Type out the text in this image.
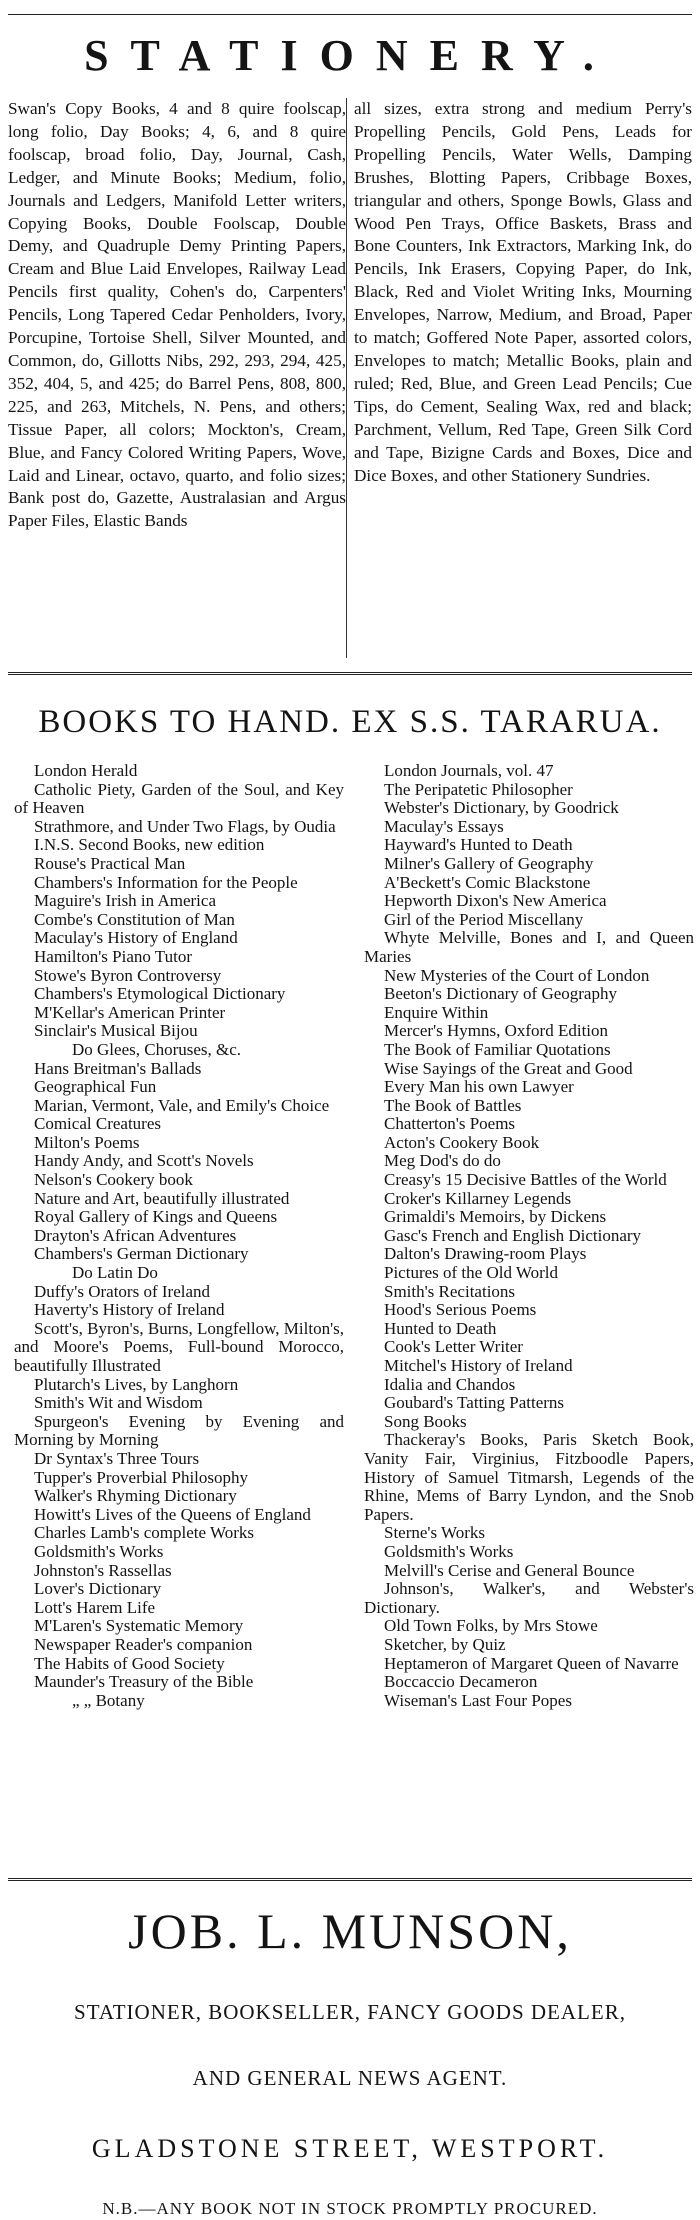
STATIONERY.
Swan's Copy Books, 4 and 8 quire foolscap, long folio, Day Books; 4, 6, and 8 quire foolscap, broad folio, Day, Journal, Cash, Ledger, and Minute Books; Medium, folio, Journals and Ledgers, Manifold Letter writers, Copying Books, Double Foolscap, Double Demy, and Quadruple Demy Printing Papers, Cream and Blue Laid Envelopes, Railway Lead Pencils first quality, Cohen's do, Carpenters' Pencils, Long Tapered Cedar Penholders, Ivory, Porcupine, Tortoise Shell, Silver Mounted, and Common, do, Gillotts Nibs, 292, 293, 294, 425, 352, 404, 5, and 425; do Barrel Pens, 808, 800, 225, and 263, Mitchels, N. Pens, and others; Tissue Paper, all colors; Mockton's, Cream, Blue, and Fancy Colored Writing Papers, Wove, Laid and Linear, octavo, quarto, and folio sizes; Bank post do, Gazette, Australasian and Argus Paper Files, Elastic Bands
all sizes, extra strong and medium Perry's Propelling Pencils, Gold Pens, Leads for Propelling Pencils, Water Wells, Damping Brushes, Blotting Papers, Cribbage Boxes, triangular and others, Sponge Bowls, Glass and Wood Pen Trays, Office Baskets, Brass and Bone Counters, Ink Extractors, Marking Ink, do Pencils, Ink Erasers, Copying Paper, do Ink, Black, Red and Violet Writing Inks, Mourning Envelopes, Narrow, Medium, and Broad, Paper to match; Goffered Note Paper, assorted colors, Envelopes to match; Metallic Books, plain and ruled; Red, Blue, and Green Lead Pencils; Cue Tips, do Cement, Sealing Wax, red and black; Parchment, Vellum, Red Tape, Green Silk Cord and Tape, Bizigne Cards and Boxes, Dice and Dice Boxes, and other Stationery Sundries.
BOOKS TO HAND. EX S.S. TARARUA.
London Herald
Catholic Piety, Garden of the Soul, and Key of Heaven
Strathmore, and Under Two Flags, by Oudia
I.N.S. Second Books, new edition
Rouse's Practical Man
Chambers's Information for the People
Maguire's Irish in America
Combe's Constitution of Man
Maculay's History of England
Hamilton's Piano Tutor
Stowe's Byron Controversy
Chambers's Etymological Dictionary
M'Kellar's American Printer
Sinclair's Musical Bijou
Do Glees, Choruses, &c.
Hans Breitman's Ballads
Geographical Fun
Marian, Vermont, Vale, and Emily's Choice
Comical Creatures
Milton's Poems
Handy Andy, and Scott's Novels
Nelson's Cookery book
Nature and Art, beautifully illustrated
Royal Gallery of Kings and Queens
Drayton's African Adventures
Chambers's German Dictionary
Do Latin Do
Duffy's Orators of Ireland
Haverty's History of Ireland
Scott's, Byron's, Burns, Longfellow, Milton's, and Moore's Poems, Full-bound Morocco, beautifully Illustrated
Plutarch's Lives, by Langhorn
Smith's Wit and Wisdom
Spurgeon's Evening by Evening and Morning by Morning
Dr Syntax's Three Tours
Tupper's Proverbial Philosophy
Walker's Rhyming Dictionary
Howitt's Lives of the Queens of England
Charles Lamb's complete Works
Goldsmith's Works
Johnston's Rassellas
Lover's Dictionary
Lott's Harem Life
M'Laren's Systematic Memory
Newspaper Reader's companion
The Habits of Good Society
Maunder's Treasury of the Bible
„ „ Botany
London Journals, vol. 47
The Peripatetic Philosopher
Webster's Dictionary, by Goodrick
Maculay's Essays
Hayward's Hunted to Death
Milner's Gallery of Geography
A'Beckett's Comic Blackstone
Hepworth Dixon's New America
Girl of the Period Miscellany
Whyte Melville, Bones and I, and Queen Maries
New Mysteries of the Court of London
Beeton's Dictionary of Geography
Enquire Within
Mercer's Hymns, Oxford Edition
The Book of Familiar Quotations
Wise Sayings of the Great and Good
Every Man his own Lawyer
The Book of Battles
Chatterton's Poems
Acton's Cookery Book
Meg Dod's do do
Creasy's 15 Decisive Battles of the World
Croker's Killarney Legends
Grimaldi's Memoirs, by Dickens
Gasc's French and English Dictionary
Dalton's Drawing-room Plays
Pictures of the Old World
Smith's Recitations
Hood's Serious Poems
Hunted to Death
Cook's Letter Writer
Mitchel's History of Ireland
Idalia and Chandos
Goubard's Tatting Patterns
Song Books
Thackeray's Books, Paris Sketch Book, Vanity Fair, Virginius, Fitzboodle Papers, History of Samuel Titmarsh, Legends of the Rhine, Mems of Barry Lyndon, and the Snob Papers.
Sterne's Works
Goldsmith's Works
Melvill's Cerise and General Bounce
Johnson's, Walker's, and Webster's Dictionary.
Old Town Folks, by Mrs Stowe
Sketcher, by Quiz
Heptameron of Margaret Queen of Navarre
Boccaccio Decameron
Wiseman's Last Four Popes
JOB. L. MUNSON,
STATIONER, BOOKSELLER, FANCY GOODS DEALER,
AND GENERAL NEWS AGENT.
GLADSTONE STREET, WESTPORT.
N.B.—ANY BOOK NOT IN STOCK PROMPTLY PROCURED.
